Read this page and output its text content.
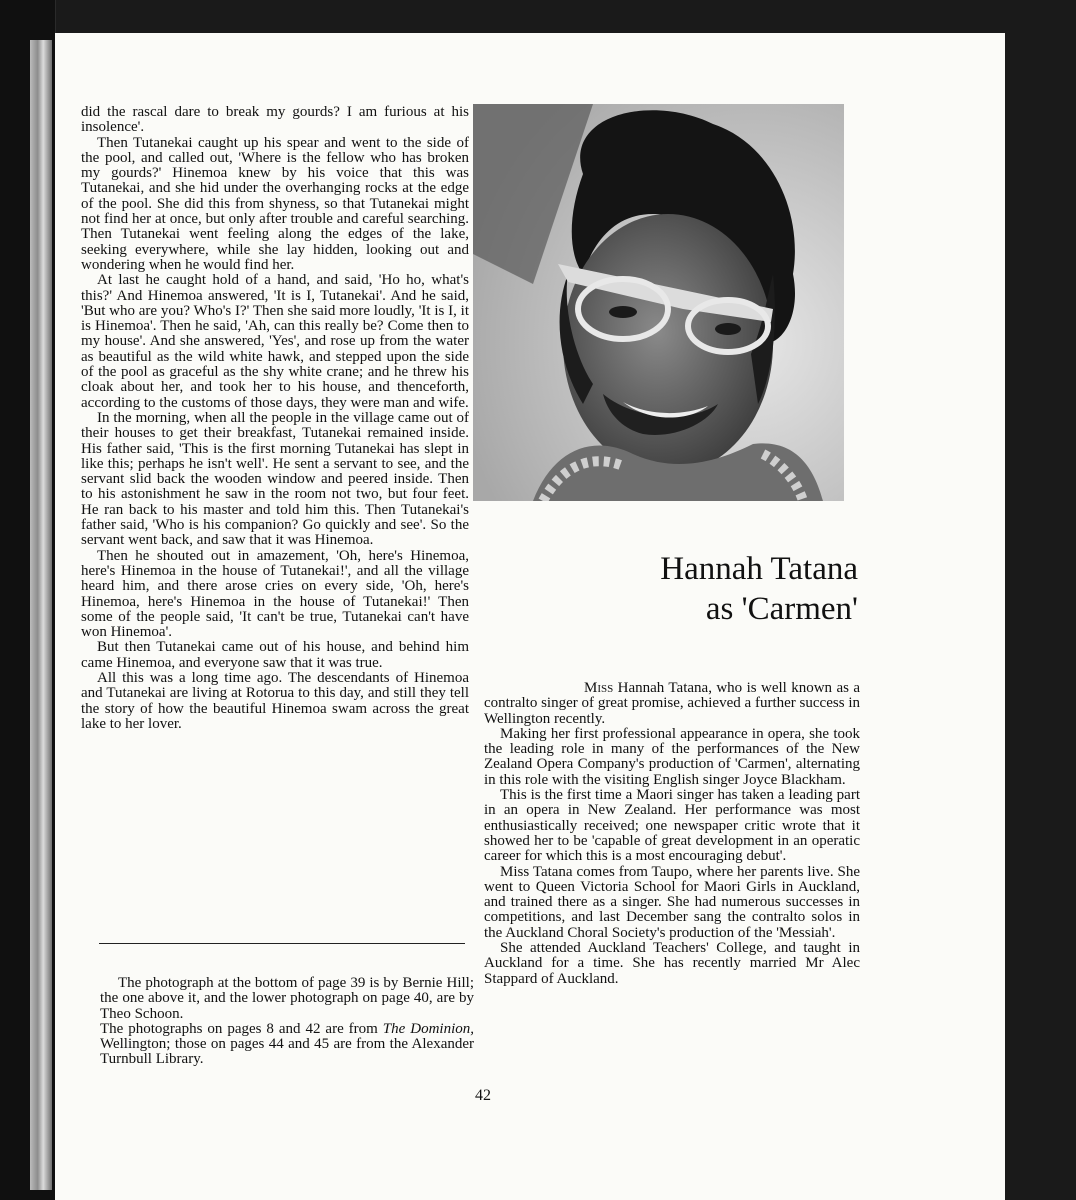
did the rascal dare to break my gourds? I am furious at his insolence'.

Then Tutanekai caught up his spear and went to the side of the pool, and called out, 'Where is the fellow who has broken my gourds?' Hinemoa knew by his voice that this was Tutanekai, and she hid under the overhanging rocks at the edge of the pool. She did this from shyness, so that Tutanekai might not find her at once, but only after trouble and careful searching. Then Tutanekai went feeling along the edges of the lake, seeking everywhere, while she lay hidden, looking out and wondering when he would find her.

At last he caught hold of a hand, and said, 'Ho ho, what's this?' And Hinemoa answered, 'It is I, Tutanekai'. And he said, 'But who are you? Who's I?' Then she said more loudly, 'It is I, it is Hinemoa'. Then he said, 'Ah, can this really be? Come then to my house'. And she answered, 'Yes', and rose up from the water as beautiful as the wild white hawk, and stepped upon the side of the pool as graceful as the shy white crane; and he threw his cloak about her, and took her to his house, and thenceforth, according to the customs of those days, they were man and wife.

In the morning, when all the people in the village came out of their houses to get their breakfast, Tutanekai remained inside. His father said, 'This is the first morning Tutanekai has slept in like this; perhaps he isn't well'. He sent a servant to see, and the servant slid back the wooden window and peered inside. Then to his astonishment he saw in the room not two, but four feet. He ran back to his master and told him this. Then Tutanekai's father said, 'Who is his companion? Go quickly and see'. So the servant went back, and saw that it was Hinemoa.

Then he shouted out in amazement, 'Oh, here's Hinemoa, here's Hinemoa in the house of Tutanekai!', and all the village heard him, and there arose cries on every side, 'Oh, here's Hinemoa, here's Hinemoa in the house of Tutanekai!' Then some of the people said, 'It can't be true, Tutanekai can't have won Hinemoa'.

But then Tutanekai came out of his house, and behind him came Hinemoa, and everyone saw that it was true.

All this was a long time ago. The descendants of Hinemoa and Tutanekai are living at Rotorua to this day, and still they tell the story of how the beautiful Hinemoa swam across the great lake to her lover.

The photograph at the bottom of page 39 is by Bernie Hill; the one above it, and the lower photograph on page 40, are by Theo Schoon.

The photographs on pages 8 and 42 are from The Dominion, Wellington; those on pages 44 and 45 are from the Alexander Turnbull Library.

Hannah Tatana
as 'Carmen'

Miss Hannah Tatana, who is well known as a contralto singer of great promise, achieved a further success in Wellington recently.

Making her first professional appearance in opera, she took the leading role in many of the performances of the New Zealand Opera Company's production of 'Carmen', alternating in this role with the visiting English singer Joyce Blackham.

This is the first time a Maori singer has taken a leading part in an opera in New Zealand. Her performance was most enthusiastically received; one newspaper critic wrote that it showed her to be 'capable of great development in an operatic career for which this is a most encouraging debut'.

Miss Tatana comes from Taupo, where her parents live. She went to Queen Victoria School for Maori Girls in Auckland, and trained there as a singer. She had numerous successes in competitions, and last December sang the contralto solos in the Auckland Choral Society's production of the 'Messiah'.

She attended Auckland Teachers' College, and taught in Auckland for a time. She has recently married Mr Alec Stappard of Auckland.

42
